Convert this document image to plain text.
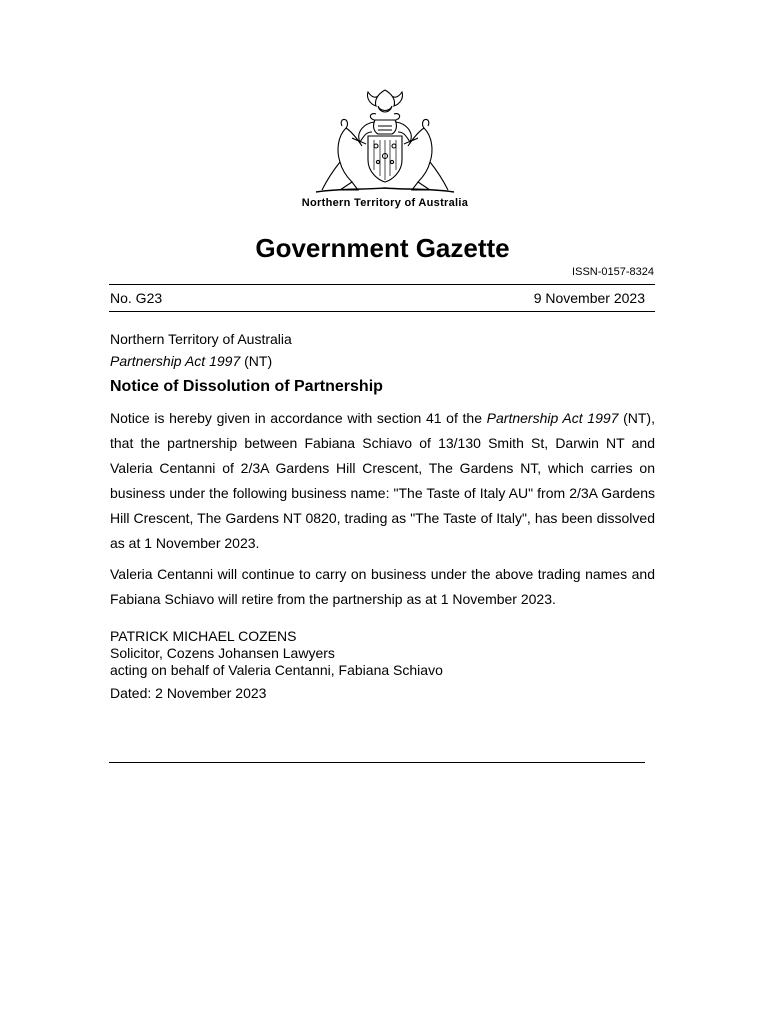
Northern Territory of Australia
Government Gazette
ISSN-0157-8324
No. G23	9 November 2023
Northern Territory of Australia
Partnership Act 1997 (NT)
Notice of Dissolution of Partnership
Notice is hereby given in accordance with section 41 of the Partnership Act 1997 (NT), that the partnership between Fabiana Schiavo of 13/130 Smith St, Darwin NT and Valeria Centanni of 2/3A Gardens Hill Crescent, The Gardens NT, which carries on business under the following business name: "The Taste of Italy AU" from 2/3A Gardens Hill Crescent, The Gardens NT 0820, trading as "The Taste of Italy", has been dissolved as at 1 November 2023.
Valeria Centanni will continue to carry on business under the above trading names and Fabiana Schiavo will retire from the partnership as at 1 November 2023.
PATRICK MICHAEL COZENS
Solicitor, Cozens Johansen Lawyers
acting on behalf of Valeria Centanni, Fabiana Schiavo
Dated: 2 November 2023
